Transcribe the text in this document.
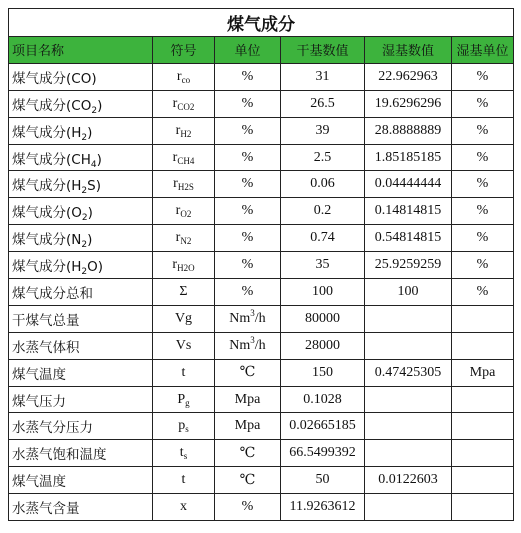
煤气成分					
项目名称	符号	单位	干基数值	湿基数值	湿基单位
煤气成分(CO)	$r_{co}$	%	31	22.962963	%
煤气成分$(CO_2)$	$r_{CO2}$	%	26.5	19.6296296	%
煤气成分$(H_2)$	$r_{H2}$	%	39	28.8888889	%
煤气成分$(CH_4)$	$r_{CH4}$	%	2.5	1.85185185	%
煤气成分$(H_2S)$	$r_{H2S}$	%	0.06	0.04444444	%
煤气成分$(O_2)$	$r_{O2}$	%	0.2	0.14814815	%
煤气成分$(N_2)$	$r_{N2}$	%	0.74	0.54814815	%
煤气成分$(H_2O)$	$r_{H2O}$	%	35	25.9259259	%
煤气成分总和	Σ	%	100	100	%
干煤气总量	Vg	Nm$^3$/h	80000		
水蒸气体积	Vs	Nm$^3$/h	28000		
煤气温度	t	℃	150	0.47425305	Mpa
煤气压力	$P_g$	Mpa	0.1028		
水蒸气分压力	$p_s$	Mpa	0.02665185		
水蒸气饱和温度	$t_s$	℃	66.5499392		
煤气温度	t	℃	50	0.0122603	
水蒸气含量	x	%	11.9263612		
